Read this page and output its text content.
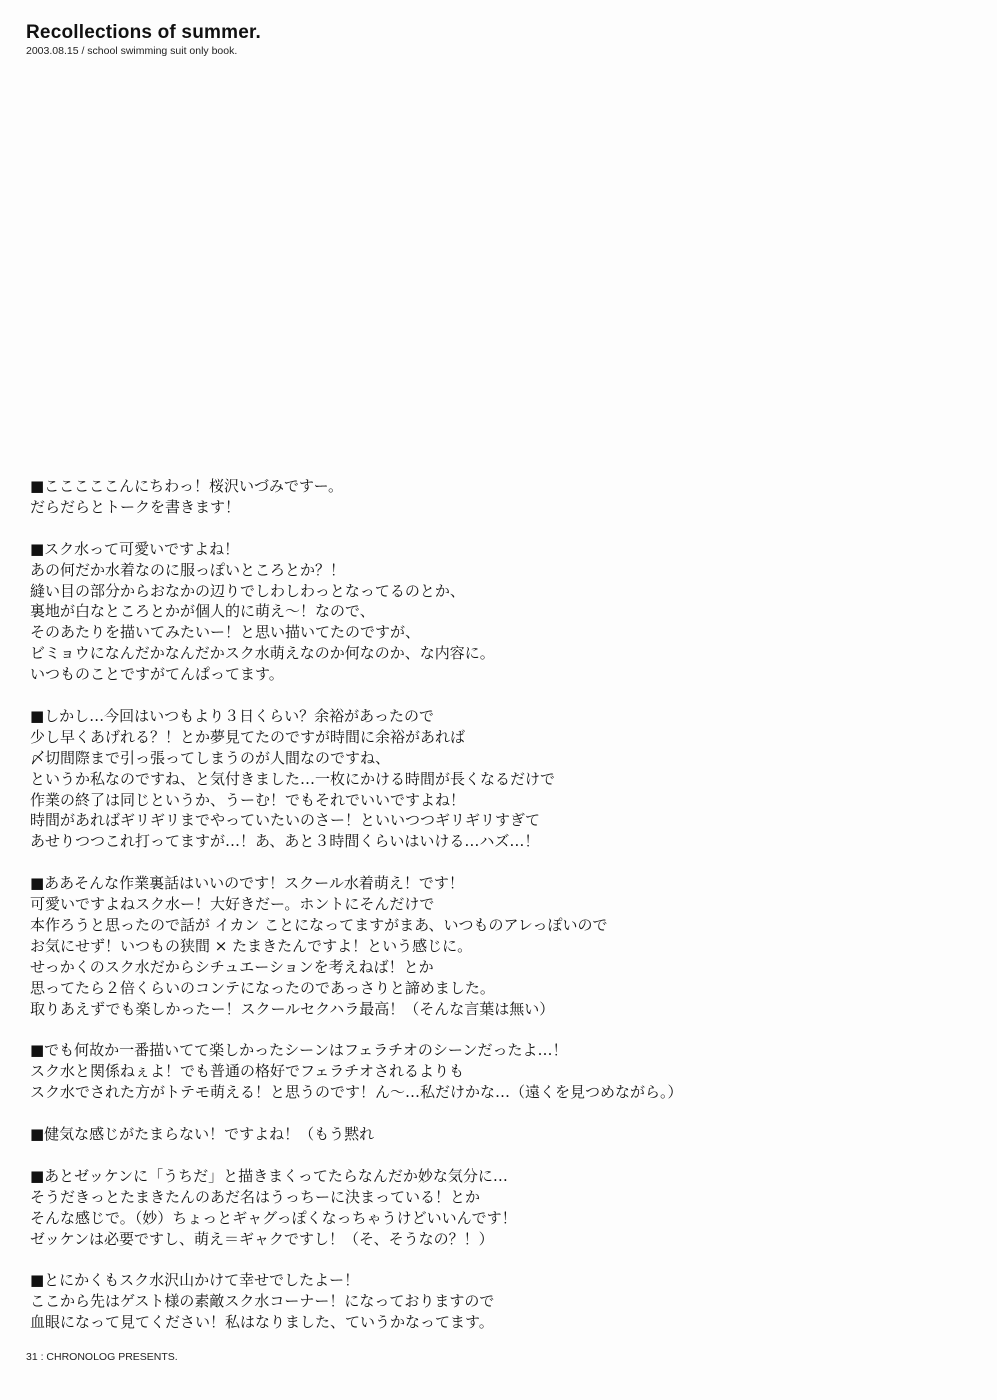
Recollections of summer.
2003.08.15 / school swimming suit only book.
■こここここんにちわっ！桜沢いづみですー。
だらだらとトークを書きます！
■スク水って可愛いですよね！
あの何だか水着なのに服っぽいところとか？！
縫い目の部分からおなかの辺りでしわしわっとなってるのとか、
裏地が白なところとかが個人的に萌え～！なので、
そのあたりを描いてみたいー！と思い描いてたのですが、
ビミョウになんだかなんだかスク水萌えなのか何なのか、な内容に。
いつものことですがてんぱってます。
■しかし…今回はいつもより３日くらい？余裕があったので
少し早くあげれる？！とか夢見てたのですが時間に余裕があれば
〆切間際まで引っ張ってしまうのが人間なのですね、
というか私なのですね、と気付きました…一枚にかける時間が長くなるだけで
作業の終了は同じというか、うーむ！でもそれでいいですよね！
時間があればギリギリまでやっていたいのさー！といいつつギリギリすぎて
あせりつつこれ打ってますが…！あ、あと３時間くらいはいける…ハズ…！
■ああそんな作業裏話はいいのです！スクール水着萌え！です！
可愛いですよねスク水ー！大好きだー。ホントにそんだけで
本作ろうと思ったので話が イカン ことになってますがまあ、いつものアレっぽいので
お気にせず！いつもの狭間 × たまきたんですよ！という感じに。
せっかくのスク水だからシチュエーションを考えねば！とか
思ってたら２倍くらいのコンテになったのであっさりと諦めました。
取りあえずでも楽しかったー！スクールセクハラ最高！（そんな言葉は無い）
■でも何故か一番描いてて楽しかったシーンはフェラチオのシーンだったよ…！
スク水と関係ねぇよ！でも普通の格好でフェラチオされるよりも
スク水でされた方がトテモ萌える！と思うのです！ん～…私だけかな…（遠くを見つめながら。）
■健気な感じがたまらない！ですよね！（もう黙れ
■あとゼッケンに「うちだ」と描きまくってたらなんだか妙な気分に…
そうだきっとたまきたんのあだ名はうっちーに決まっている！とか
そんな感じで。（妙）ちょっとギャグっぽくなっちゃうけどいいんです！
ゼッケンは必要ですし、萌え＝ギャクですし！（そ、そうなの？！）
■とにかくもスク水沢山かけて幸せでしたよー！
ここから先はゲスト様の素敵スク水コーナー！になっておりますので
血眼になって見てください！私はなりました、ていうかなってます。
31 : CHRONOLOG PRESENTS.
